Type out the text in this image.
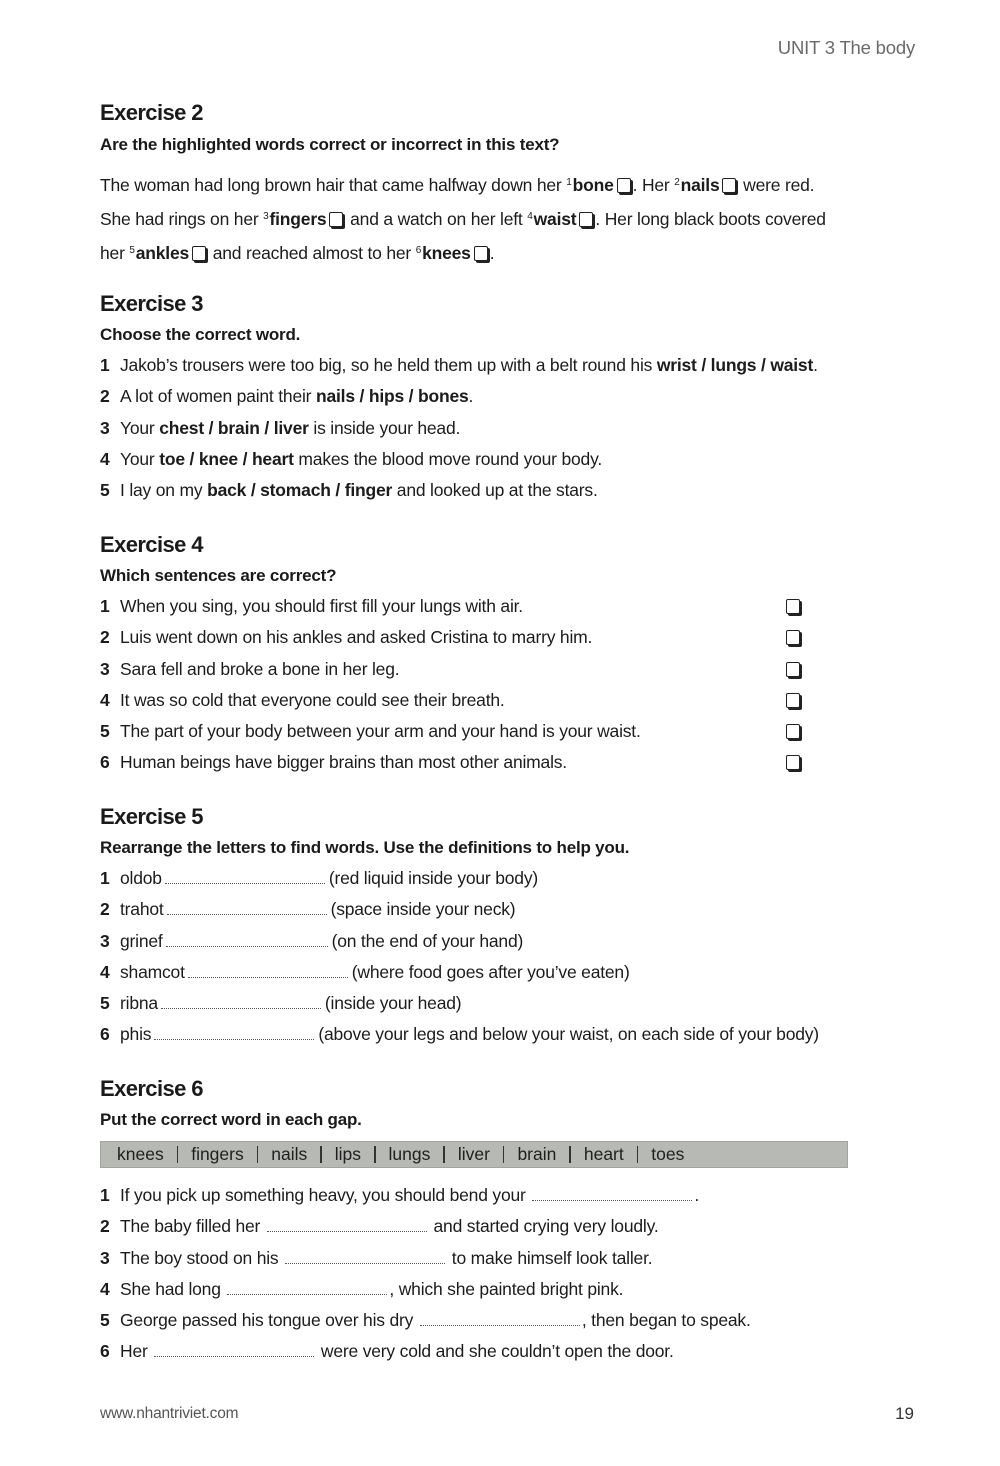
UNIT 3 The body
Exercise 2
Are the highlighted words correct or incorrect in this text?
The woman had long brown hair that came halfway down her $^1$bone . Her $^2$nails were red.
She had rings on her $^3$fingers and a watch on her left $^4$waist . Her long black boots covered
her $^5$ankles and reached almost to her $^6$knees .
Exercise 3
Choose the correct word.
1 Jakob’s trousers were too big, so he held them up with a belt round his wrist / lungs / waist.
2 A lot of women paint their nails / hips / bones.
3 Your chest / brain / liver is inside your head.
4 Your toe / knee / heart makes the blood move round your body.
5 I lay on my back / stomach / finger and looked up at the stars.
Exercise 4
Which sentences are correct?
1 When you sing, you should first fill your lungs with air.
2 Luis went down on his ankles and asked Cristina to marry him.
3 Sara fell and broke a bone in her leg.
4 It was so cold that everyone could see their breath.
5 The part of your body between your arm and your hand is your waist.
6 Human beings have bigger brains than most other animals.
Exercise 5
Rearrange the letters to find words. Use the definitions to help you.
1 oldob	(red liquid inside your body)
2 trahot	(space inside your neck)
3 grinef	(on the end of your hand)
4 shamcot	(where food goes after you’ve eaten)
5 ribna	(inside your head)
6 phis	(above your legs and below your waist, on each side of your body)
Exercise 6
Put the correct word in each gap.
knees fingers nails lips lungs liver brain heart toes
1 If you pick up something heavy, you should bend your	.
2 The baby filled her	and started crying very loudly.
3 The boy stood on his	to make himself look taller.
4 She had long	, which she painted bright pink.
5 George passed his tongue over his dry	, then began to speak.
6 Her	were very cold and she couldn’t open the door.
www.nhantriviet.com	19
